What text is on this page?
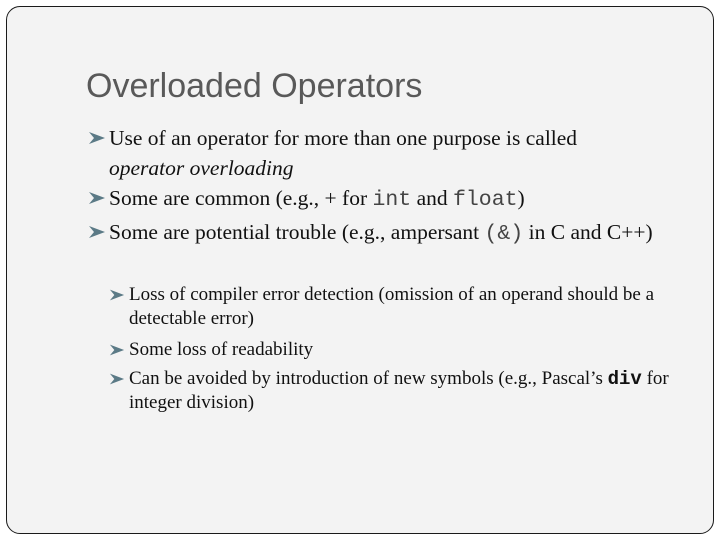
Overloaded Operators

Use of an operator for more than one purpose is called
operator overloading

Some are common (e.g., + for int and float)

Some are potential trouble (e.g., ampersant (&) in C and C++)

Loss of compiler error detection (omission of an operand should be a detectable error)

Some loss of readability

Can be avoided by introduction of new symbols (e.g., Pascal’s div for integer division)
